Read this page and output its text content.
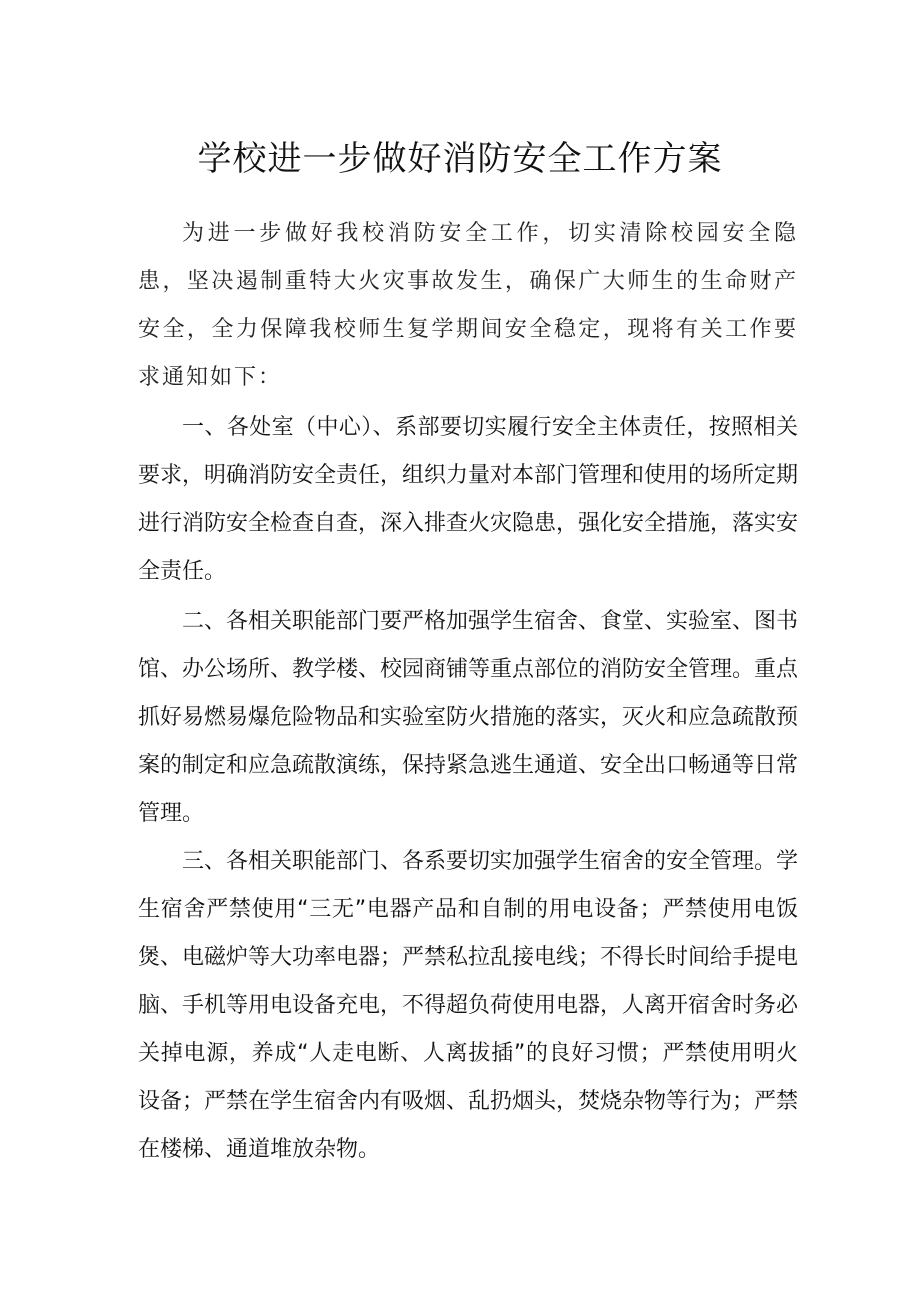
学校进一步做好消防安全工作方案

为进一步做好我校消防安全工作，切实清除校园安全隐患，坚决遏制重特大火灾事故发生，确保广大师生的生命财产安全，全力保障我校师生复学期间安全稳定，现将有关工作要求通知如下：

一、各处室（中心）、系部要切实履行安全主体责任，按照相关要求，明确消防安全责任，组织力量对本部门管理和使用的场所定期进行消防安全检查自查，深入排查火灾隐患，强化安全措施，落实安全责任。

二、各相关职能部门要严格加强学生宿舍、食堂、实验室、图书馆、办公场所、教学楼、校园商铺等重点部位的消防安全管理。重点抓好易燃易爆危险物品和实验室防火措施的落实，灭火和应急疏散预案的制定和应急疏散演练，保持紧急逃生通道、安全出口畅通等日常管理。

三、各相关职能部门、各系要切实加强学生宿舍的安全管理。学生宿舍严禁使用“三无”电器产品和自制的用电设备；严禁使用电饭煲、电磁炉等大功率电器；严禁私拉乱接电线；不得长时间给手提电脑、手机等用电设备充电，不得超负荷使用电器，人离开宿舍时务必关掉电源，养成“人走电断、人离拔插”的良好习惯；严禁使用明火设备；严禁在学生宿舍内有吸烟、乱扔烟头，焚烧杂物等行为；严禁在楼梯、通道堆放杂物。
